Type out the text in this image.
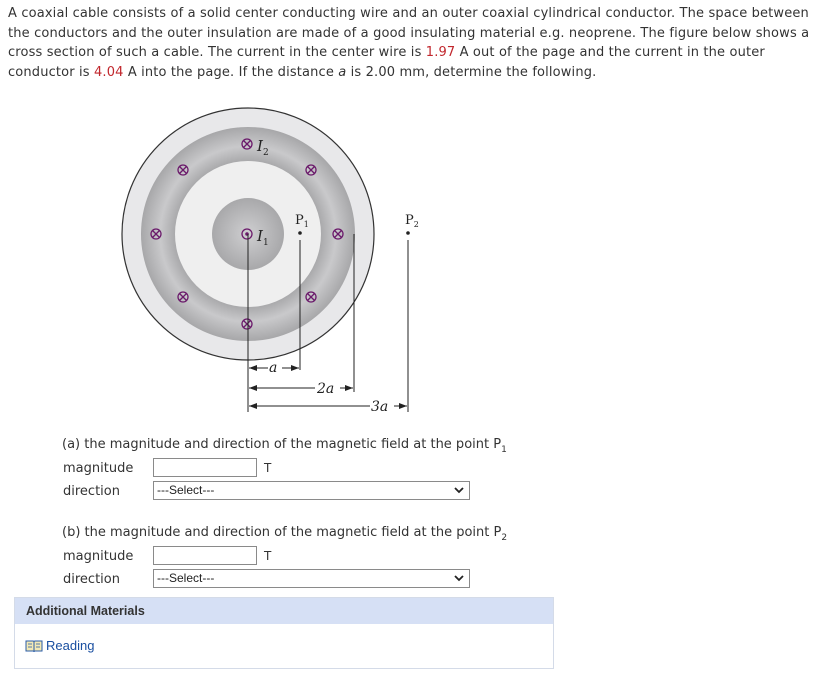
A coaxial cable consists of a solid center conducting wire and an outer coaxial cylindrical conductor. The space between the conductors and the outer insulation are made of a good insulating material e.g. neoprene. The figure below shows a cross section of such a cable. The current in the center wire is 1.97 A out of the page and the current in the outer conductor is 4.04 A into the page. If the distance a is 2.00 mm, determine the following.
$I_2$
$I_1$
$P_1$	$P_2$
a
2a
3a
(a) the magnitude and direction of the magnetic field at the point $P_1$
magnitude	T
direction	---Select---
(b) the magnitude and direction of the magnetic field at the point $P_2$
magnitude	T
direction	---Select---
Additional Materials
Reading
